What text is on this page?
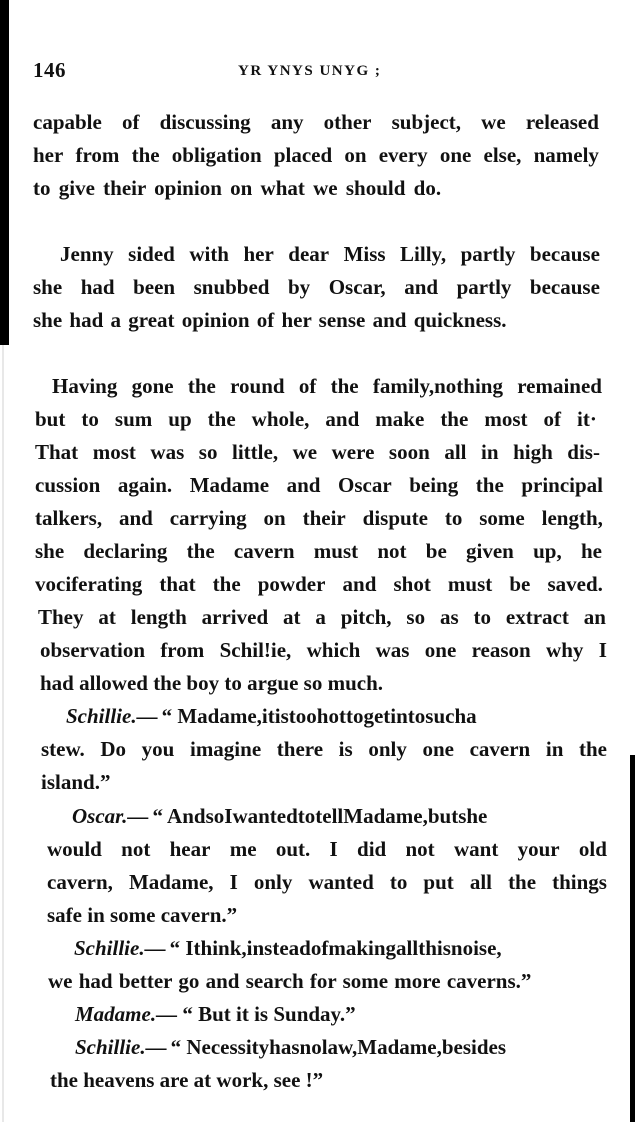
146	YR YNYS UNYG ;
capable of discussing any other subject, we released
her from the obligation placed on every one else, namely
to give their opinion on what we should do.
Jenny sided with her dear Miss Lilly, partly because
she had been snubbed by Oscar, and partly because
she had a great opinion of her sense and quickness.
Having gone the round of the family,nothing remained
but to sum up the whole, and make the most of it·
That most was so little, we were soon all in high dis-
cussion again. Madame and Oscar being the principal
talkers, and carrying on their dispute to some length,
she declaring the cavern must not be given up, he
vociferating that the powder and shot must be saved.
They at length arrived at a pitch, so as to extract an
observation from Schil!ie, which was one reason why I
had allowed the boy to argue so much.
Schillie.— “ Madame,itistoohottogetintosucha
stew. Do you imagine there is only one cavern in the
island.”
Oscar.— “ AndsoIwantedtotellMadame,butshe
would not hear me out. I did not want your old
cavern, Madame, I only wanted to put all the things
safe in some cavern.”
Schillie.— “ Ithink,insteadofmakingallthisnoise,
we had better go and search for some more caverns.”
Madame.— “ But it is Sunday.”
Schillie.— “ Necessityhasnolaw,Madame,besides
the heavens are at work, see !”
